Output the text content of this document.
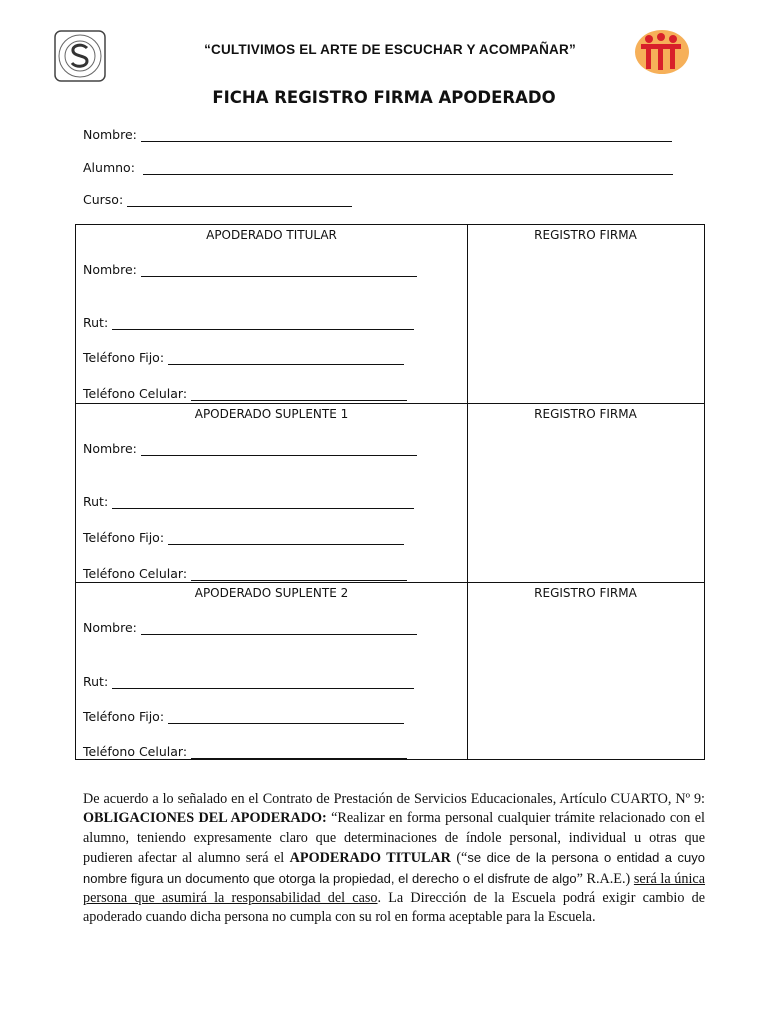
“CULTIVIMOS EL ARTE DE ESCUCHAR Y ACOMPAÑAR”
FICHA REGISTRO FIRMA APODERADO
Nombre:
Alumno:
Curso:
APODERADO TITULAR
Nombre:
Rut:
Teléfono Fijo:
Teléfono Celular:
REGISTRO FIRMA
APODERADO SUPLENTE 1
Nombre:
Rut:
Teléfono Fijo:
Teléfono Celular:
REGISTRO FIRMA
APODERADO SUPLENTE 2
Nombre:
Rut:
Teléfono Fijo:
Teléfono Celular:
REGISTRO FIRMA
De acuerdo a lo señalado en el Contrato de Prestación de Servicios Educacionales, Artículo CUARTO, Nº 9: OBLIGACIONES DEL APODERADO: “Realizar en forma personal cualquier trámite relacionado con el alumno, teniendo expresamente claro que determinaciones de índole personal, individual u otras que pudieren afectar al alumno será el APODERADO TITULAR (“se dice de la persona o entidad a cuyo nombre figura un documento que otorga la propiedad, el derecho o el disfrute de algo” R.A.E.) será la única persona que asumirá la responsabilidad del caso. La Dirección de la Escuela podrá exigir cambio de apoderado cuando dicha persona no cumpla con su rol en forma aceptable para la Escuela.
